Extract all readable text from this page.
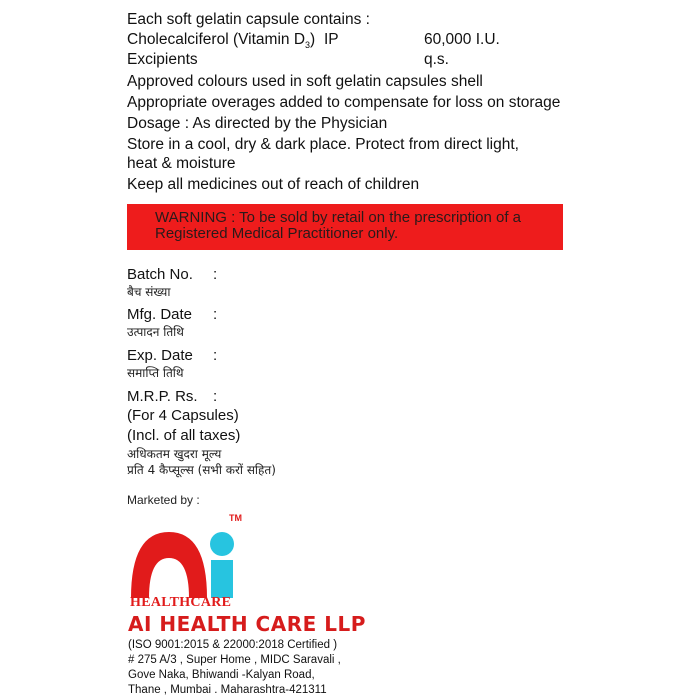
Each soft gelatin capsule contains :

Cholecalciferol (Vitamin $D_3$) IP	60,000 I.U.
Excipients	q.s.

Approved colours used in soft gelatin capsules shell

Appropriate overages added to compensate for loss on storage

Dosage : As directed by the Physician

Store in a cool, dry & dark place. Protect from direct light, heat & moisture

Keep all medicines out of reach of children

WARNING : To be sold by retail on the prescription of a
Registered Medical Practitioner only.
Batch No.	:
बैच संख्या
Mfg. Date	:
उत्पादन तिथि
Exp. Date	:
समाप्ति तिथि
M.R.P. Rs.	:
(For 4 Capsules)
(Incl. of all taxes)
अधिकतम खुदरा मूल्य
प्रति 4 कैप्सूल्स (सभी करों सहित)
Marketed by :
TM
HEALTHCARE
AI HEALTH CARE LLP
(ISO 9001:2015 & 22000:2018 Certified )
# 275 A/3 , Super Home , MIDC Saravali ,
Gove Naka, Bhiwandi -Kalyan Road,
Thane , Mumbai . Maharashtra-421311
